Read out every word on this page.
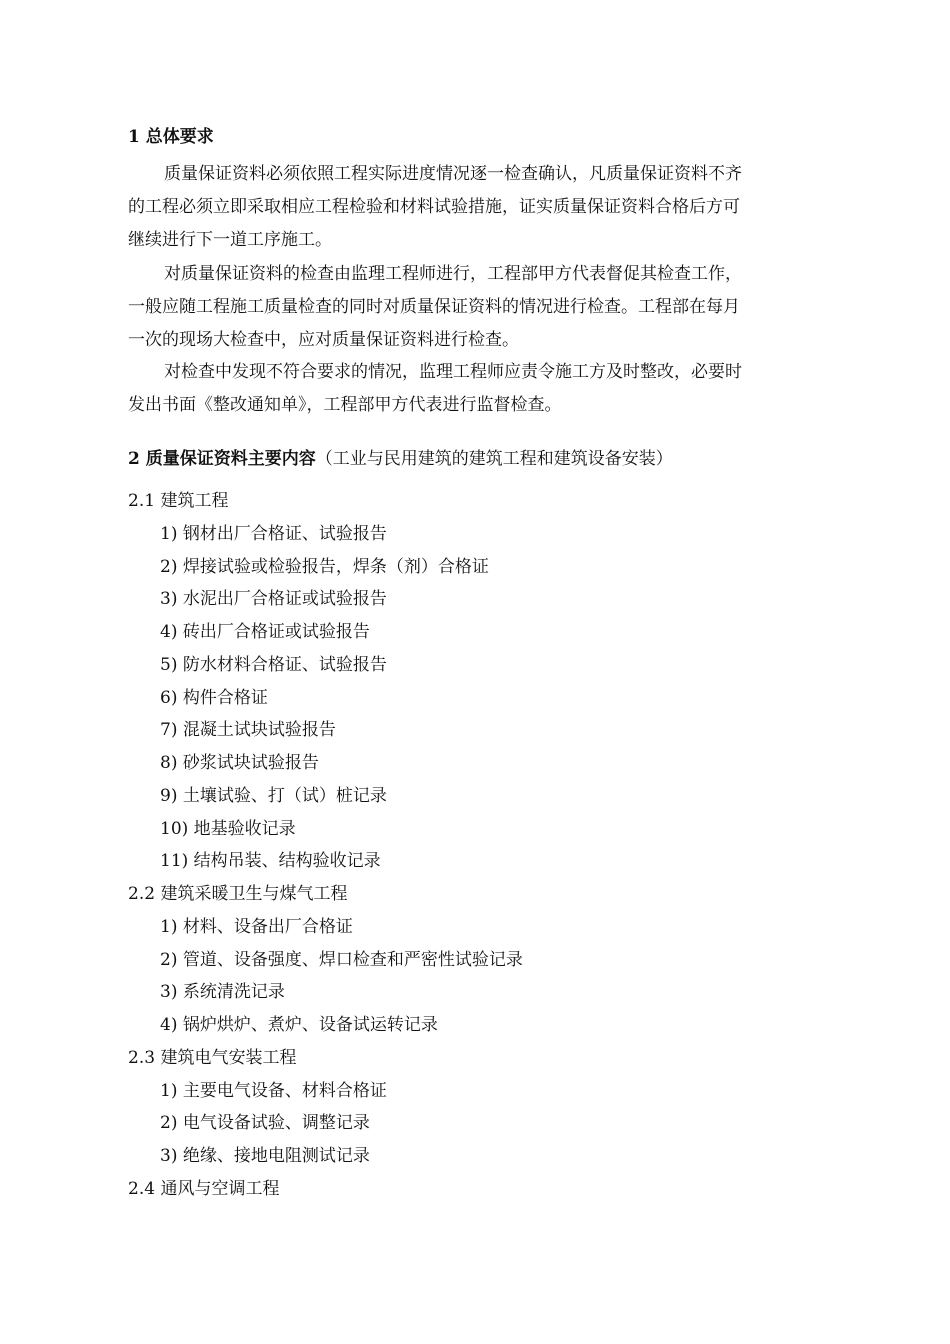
1 总体要求
质量保证资料必须依照工程实际进度情况逐一检查确认，凡质量保证资料不齐
的工程必须立即采取相应工程检验和材料试验措施，证实质量保证资料合格后方可
继续进行下一道工序施工。
对质量保证资料的检查由监理工程师进行，工程部甲方代表督促其检查工作，
一般应随工程施工质量检查的同时对质量保证资料的情况进行检查。工程部在每月
一次的现场大检查中，应对质量保证资料进行检查。
对检查中发现不符合要求的情况，监理工程师应责令施工方及时整改，必要时
发出书面《整改通知单》，工程部甲方代表进行监督检查。
2 质量保证资料主要内容（工业与民用建筑的建筑工程和建筑设备安装）
2.1 建筑工程
1) 钢材出厂合格证、试验报告
2) 焊接试验或检验报告，焊条（剂）合格证
3) 水泥出厂合格证或试验报告
4) 砖出厂合格证或试验报告
5) 防水材料合格证、试验报告
6) 构件合格证
7) 混凝土试块试验报告
8) 砂浆试块试验报告
9) 土壤试验、打（试）桩记录
10) 地基验收记录
11) 结构吊装、结构验收记录
2.2 建筑采暖卫生与煤气工程
1) 材料、设备出厂合格证
2) 管道、设备强度、焊口检查和严密性试验记录
3) 系统清洗记录
4) 锅炉烘炉、煮炉、设备试运转记录
2.3 建筑电气安装工程
1) 主要电气设备、材料合格证
2) 电气设备试验、调整记录
3) 绝缘、接地电阻测试记录
2.4 通风与空调工程
